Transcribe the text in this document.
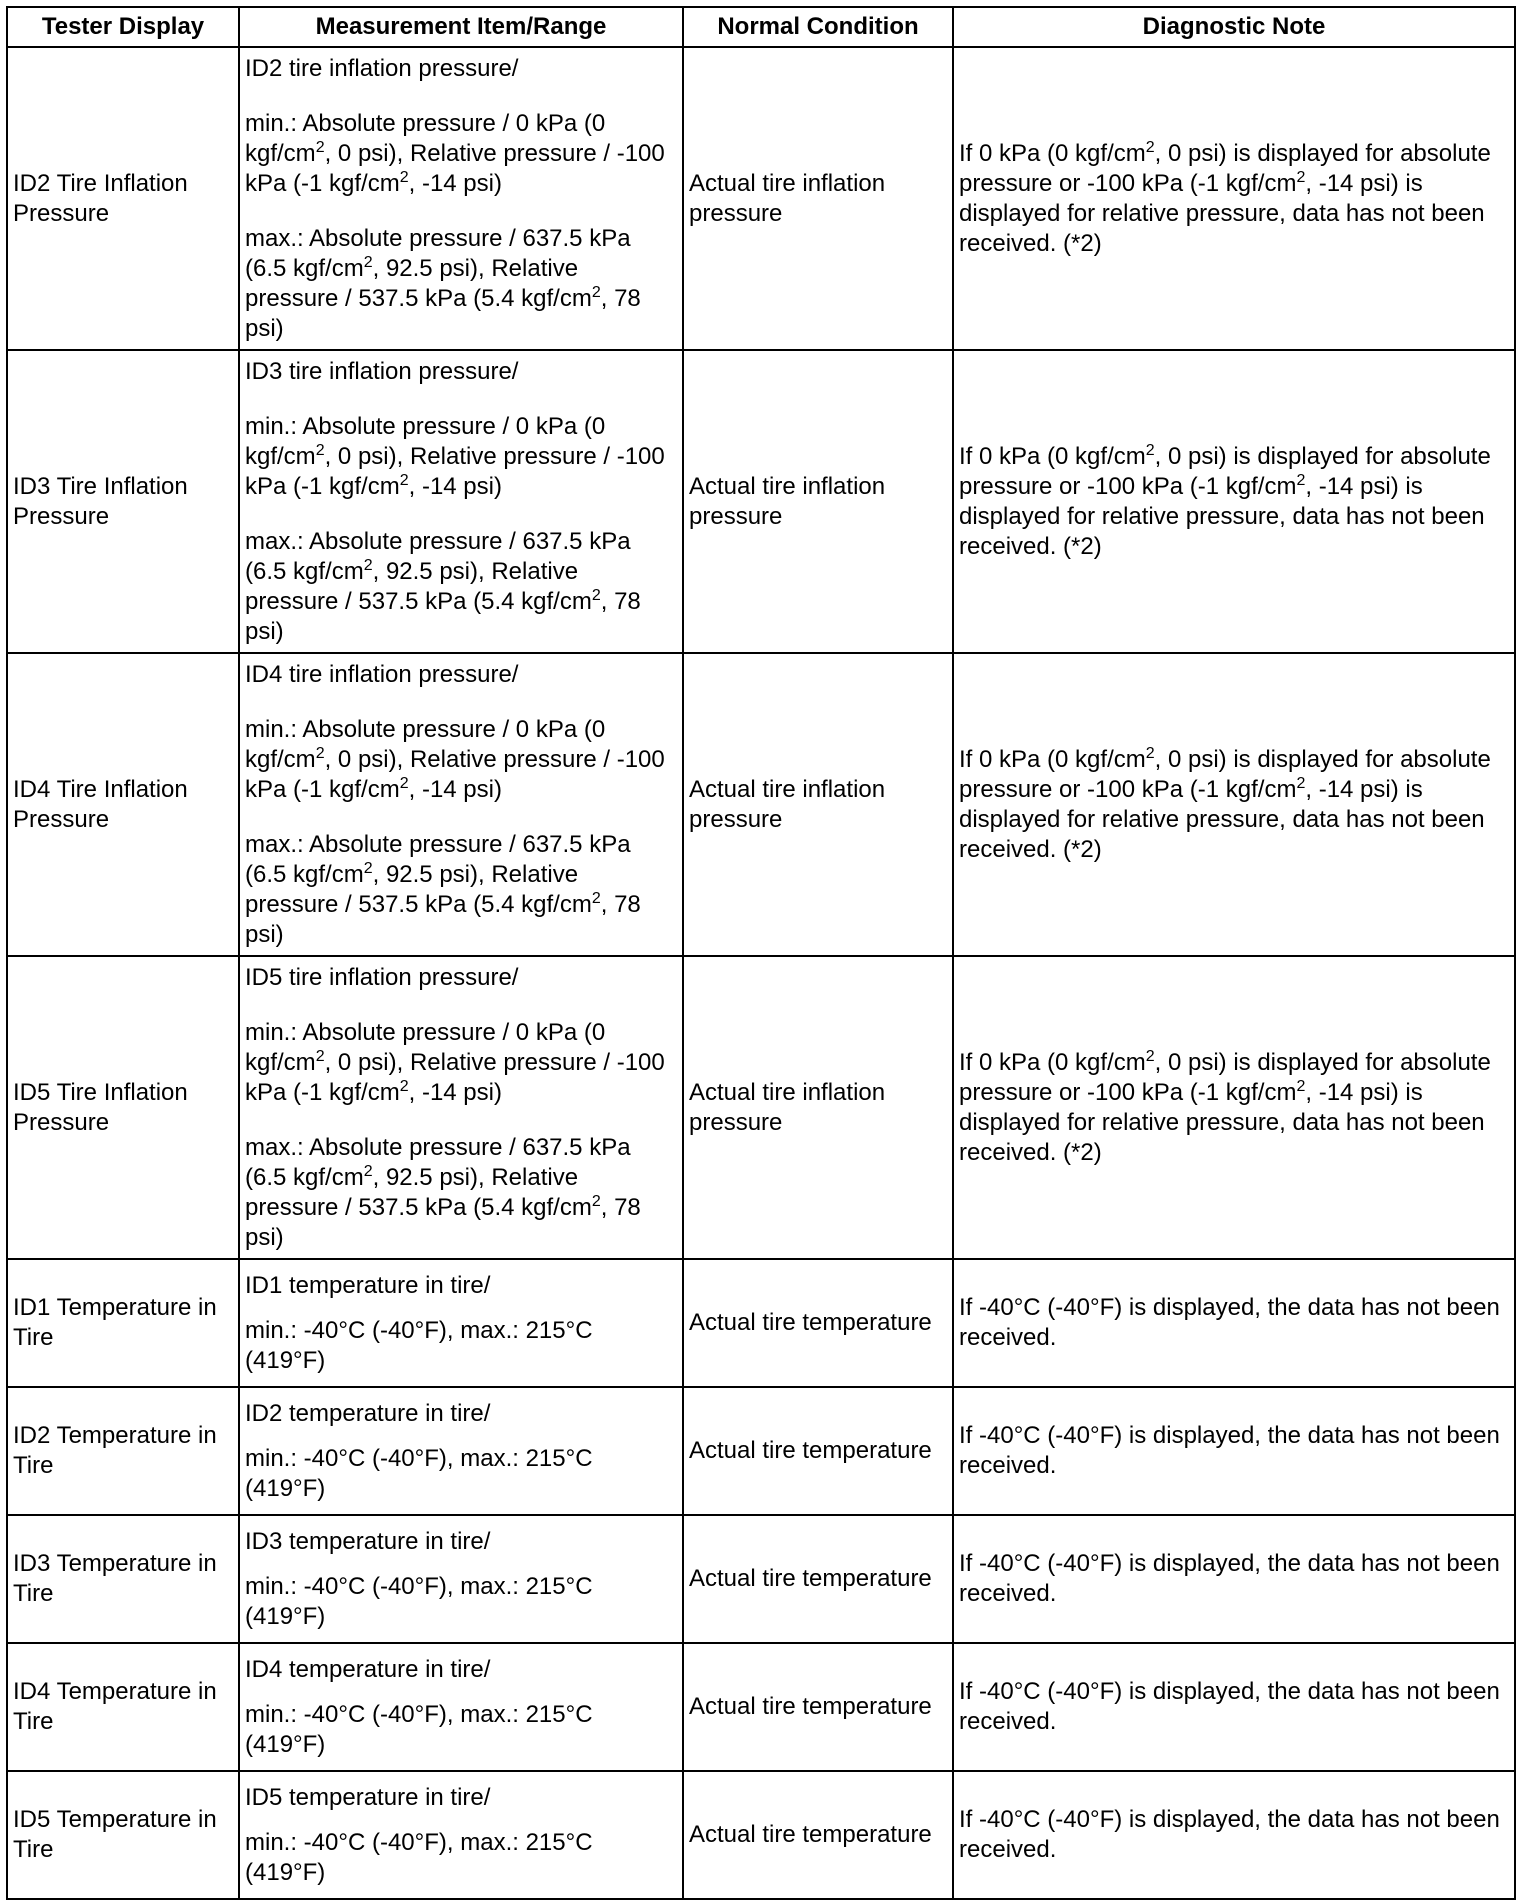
Tester Display	Measurement Item/Range	Normal Condition	Diagnostic Note
ID2 Tire Inflation Pressure	ID2 tire inflation pressure/

min.: Absolute pressure / 0 kPa (0 kgf/$cm^2$, 0 psi), Relative pressure / -100 kPa (-1 kgf/$cm^2$, -14 psi)

max.: Absolute pressure / 637.5 kPa (6.5 kgf/$cm^2$, 92.5 psi), Relative pressure / 537.5 kPa (5.4 kgf/$cm^2$, 78 psi)	Actual tire inflation pressure	If 0 kPa (0 kgf/$cm^2$, 0 psi) is displayed for absolute pressure or -100 kPa (-1 kgf/$cm^2$, -14 psi) is displayed for relative pressure, data has not been received. (*2)
ID3 Tire Inflation Pressure	ID3 tire inflation pressure/

min.: Absolute pressure / 0 kPa (0 kgf/$cm^2$, 0 psi), Relative pressure / -100 kPa (-1 kgf/$cm^2$, -14 psi)

max.: Absolute pressure / 637.5 kPa (6.5 kgf/$cm^2$, 92.5 psi), Relative pressure / 537.5 kPa (5.4 kgf/$cm^2$, 78 psi)	Actual tire inflation pressure	If 0 kPa (0 kgf/$cm^2$, 0 psi) is displayed for absolute pressure or -100 kPa (-1 kgf/$cm^2$, -14 psi) is displayed for relative pressure, data has not been received. (*2)
ID4 Tire Inflation Pressure	ID4 tire inflation pressure/

min.: Absolute pressure / 0 kPa (0 kgf/$cm^2$, 0 psi), Relative pressure / -100 kPa (-1 kgf/$cm^2$, -14 psi)

max.: Absolute pressure / 637.5 kPa (6.5 kgf/$cm^2$, 92.5 psi), Relative pressure / 537.5 kPa (5.4 kgf/$cm^2$, 78 psi)	Actual tire inflation pressure	If 0 kPa (0 kgf/$cm^2$, 0 psi) is displayed for absolute pressure or -100 kPa (-1 kgf/$cm^2$, -14 psi) is displayed for relative pressure, data has not been received. (*2)
ID5 Tire Inflation Pressure	ID5 tire inflation pressure/

min.: Absolute pressure / 0 kPa (0 kgf/$cm^2$, 0 psi), Relative pressure / -100 kPa (-1 kgf/$cm^2$, -14 psi)

max.: Absolute pressure / 637.5 kPa (6.5 kgf/$cm^2$, 92.5 psi), Relative pressure / 537.5 kPa (5.4 kgf/$cm^2$, 78 psi)	Actual tire inflation pressure	If 0 kPa (0 kgf/$cm^2$, 0 psi) is displayed for absolute pressure or -100 kPa (-1 kgf/$cm^2$, -14 psi) is displayed for relative pressure, data has not been received. (*2)
ID1 Temperature in Tire	ID1 temperature in tire/

min.: -40°C (-40°F), max.: 215°C (419°F)	Actual tire temperature	If -40°C (-40°F) is displayed, the data has not been received.
ID2 Temperature in Tire	ID2 temperature in tire/

min.: -40°C (-40°F), max.: 215°C (419°F)	Actual tire temperature	If -40°C (-40°F) is displayed, the data has not been received.
ID3 Temperature in Tire	ID3 temperature in tire/

min.: -40°C (-40°F), max.: 215°C (419°F)	Actual tire temperature	If -40°C (-40°F) is displayed, the data has not been received.
ID4 Temperature in Tire	ID4 temperature in tire/

min.: -40°C (-40°F), max.: 215°C (419°F)	Actual tire temperature	If -40°C (-40°F) is displayed, the data has not been received.
ID5 Temperature in Tire	ID5 temperature in tire/

min.: -40°C (-40°F), max.: 215°C (419°F)	Actual tire temperature	If -40°C (-40°F) is displayed, the data has not been received.
